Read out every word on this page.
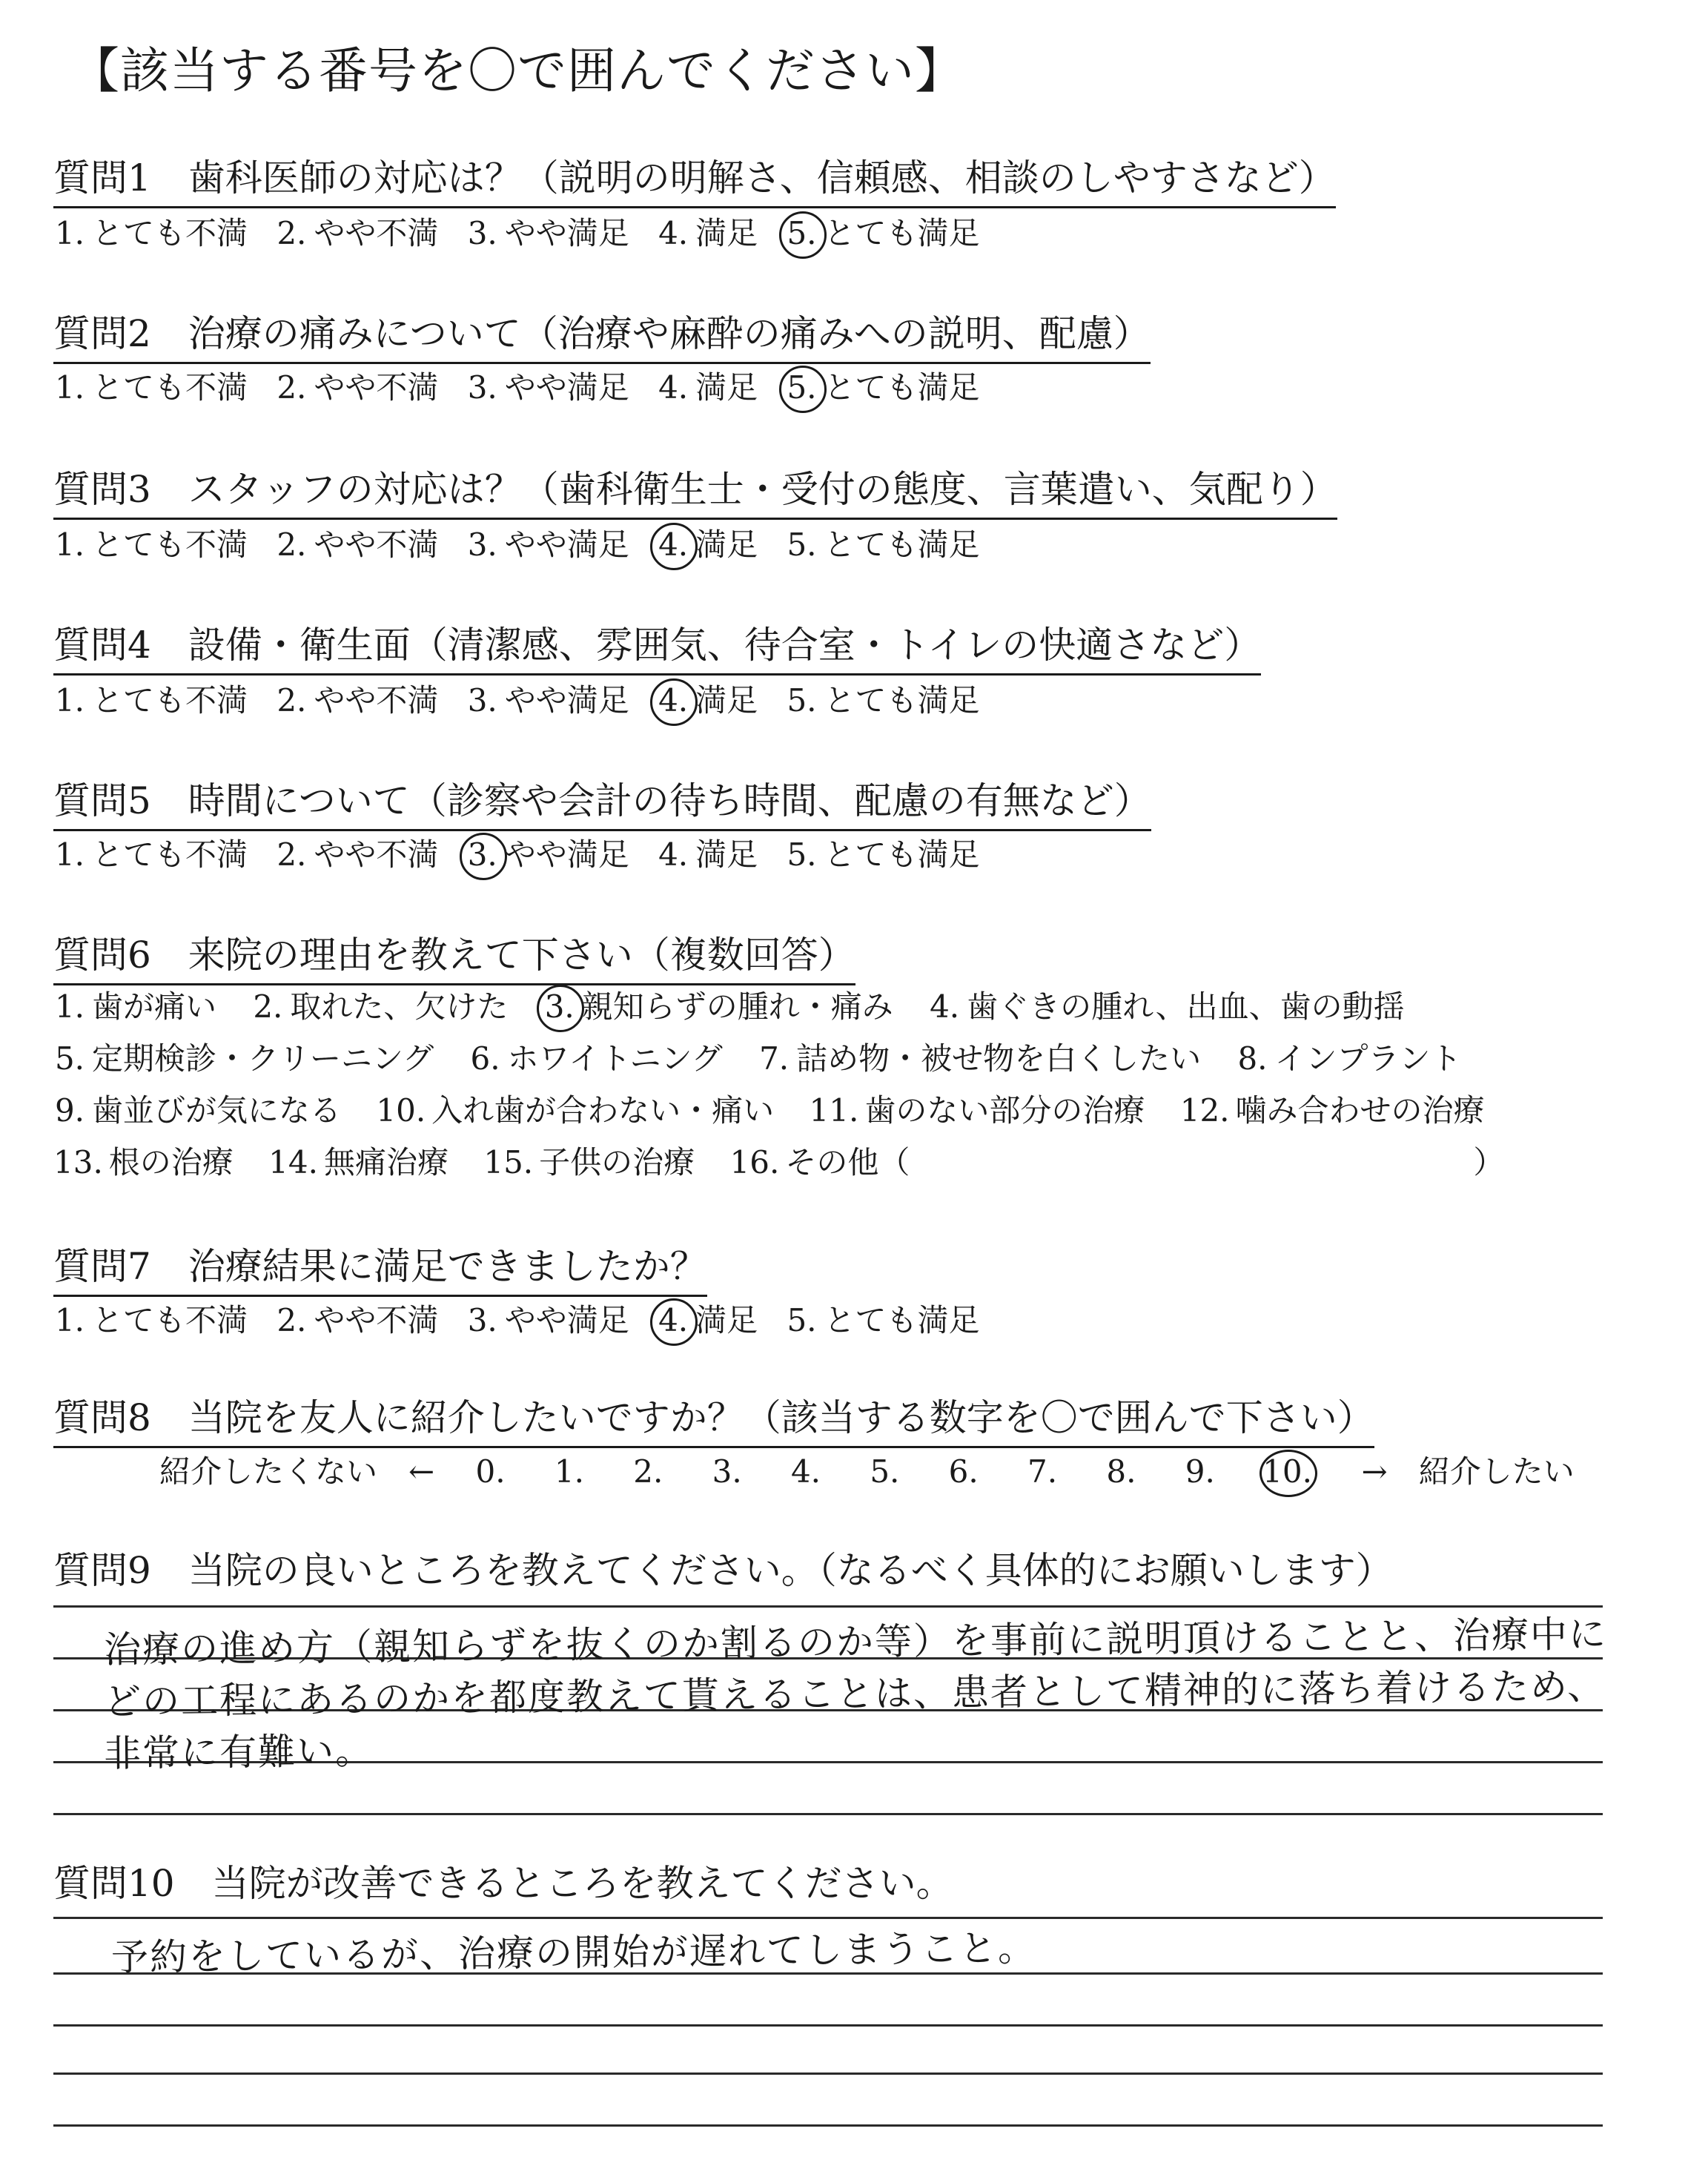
【該当する番号を〇で囲んでください】
質問1　歯科医師の対応は？（説明の明解さ、信頼感、相談のしやすさなど）
1. とても不満 2. やや不満 3. やや満足 4. 満足 5. とても満足
質問2　治療の痛みについて（治療や麻酔の痛みへの説明、配慮）
1. とても不満 2. やや不満 3. やや満足 4. 満足 5. とても満足
質問3　スタッフの対応は？（歯科衛生士・受付の態度、言葉遣い、気配り）
1. とても不満 2. やや不満 3. やや満足 4. 満足 5. とても満足
質問4　設備・衛生面（清潔感、雰囲気、待合室・トイレの快適さなど）
1. とても不満 2. やや不満 3. やや満足 4. 満足 5. とても満足
質問5　時間について（診察や会計の待ち時間、配慮の有無など）
1. とても不満 2. やや不満 3. やや満足 4. 満足 5. とても満足
質問6　来院の理由を教えて下さい（複数回答）
1. 歯が痛い 2. 取れた、欠けた 3. 親知らずの腫れ・痛み 4. 歯ぐきの腫れ、出血、歯の動揺
5. 定期検診・クリーニング 6. ホワイトニング 7. 詰め物・被せ物を白くしたい 8. インプラント
9. 歯並びが気になる 10. 入れ歯が合わない・痛い 11. 歯のない部分の治療 12. 噛み合わせの治療
13. 根の治療 14. 無痛治療 15. 子供の治療 16. その他（	）
質問7　治療結果に満足できましたか？
1. とても不満 2. やや不満 3. やや満足 4. 満足 5. とても満足
質問8　当院を友人に紹介したいですか？（該当する数字を〇で囲んで下さい）
紹介したくない　← 0. 1. 2. 3. 4. 5. 6. 7. 8. 9. 10. →　紹介したい
質問9　当院の良いところを教えてください。（なるべく具体的にお願いします）
治療の進め方（親知らずを抜くのか割るのか等）を事前に説明頂けることと、治療中に
どの工程にあるのかを都度教えて貰えることは、患者として精神的に落ち着けるため、
非常に有難い。
質問10　当院が改善できるところを教えてください。
予約をしているが、治療の開始が遅れてしまうこと。
